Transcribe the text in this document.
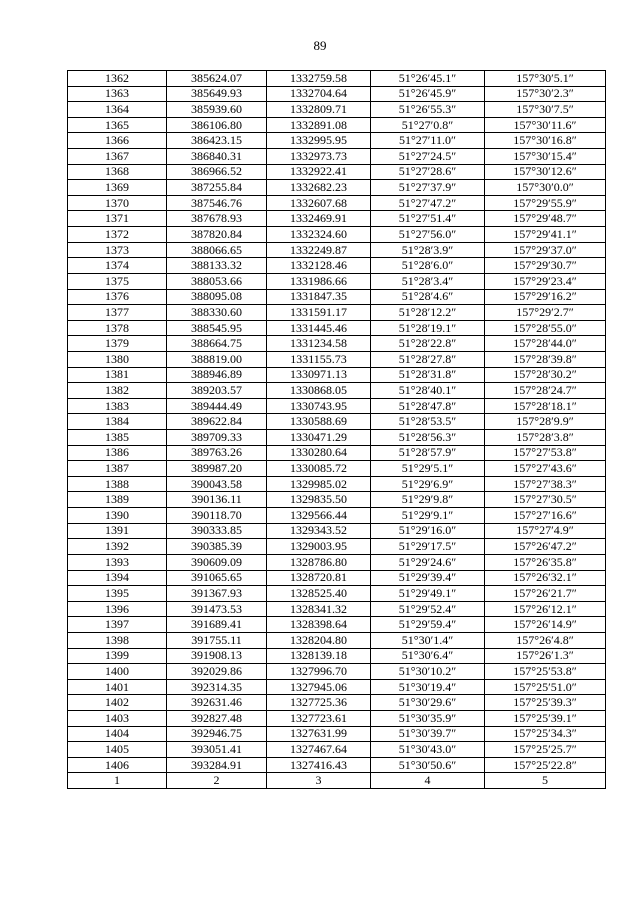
89
1362	385624.07	1332759.58	51°26′45.1″	157°30′5.1″
1363	385649.93	1332704.64	51°26′45.9″	157°30′2.3″
1364	385939.60	1332809.71	51°26′55.3″	157°30′7.5″
1365	386106.80	1332891.08	51°27′0.8″	157°30′11.6″
1366	386423.15	1332995.95	51°27′11.0″	157°30′16.8″
1367	386840.31	1332973.73	51°27′24.5″	157°30′15.4″
1368	386966.52	1332922.41	51°27′28.6″	157°30′12.6″
1369	387255.84	1332682.23	51°27′37.9″	157°30′0.0″
1370	387546.76	1332607.68	51°27′47.2″	157°29′55.9″
1371	387678.93	1332469.91	51°27′51.4″	157°29′48.7″
1372	387820.84	1332324.60	51°27′56.0″	157°29′41.1″
1373	388066.65	1332249.87	51°28′3.9″	157°29′37.0″
1374	388133.32	1332128.46	51°28′6.0″	157°29′30.7″
1375	388053.66	1331986.66	51°28′3.4″	157°29′23.4″
1376	388095.08	1331847.35	51°28′4.6″	157°29′16.2″
1377	388330.60	1331591.17	51°28′12.2″	157°29′2.7″
1378	388545.95	1331445.46	51°28′19.1″	157°28′55.0″
1379	388664.75	1331234.58	51°28′22.8″	157°28′44.0″
1380	388819.00	1331155.73	51°28′27.8″	157°28′39.8″
1381	388946.89	1330971.13	51°28′31.8″	157°28′30.2″
1382	389203.57	1330868.05	51°28′40.1″	157°28′24.7″
1383	389444.49	1330743.95	51°28′47.8″	157°28′18.1″
1384	389622.84	1330588.69	51°28′53.5″	157°28′9.9″
1385	389709.33	1330471.29	51°28′56.3″	157°28′3.8″
1386	389763.26	1330280.64	51°28′57.9″	157°27′53.8″
1387	389987.20	1330085.72	51°29′5.1″	157°27′43.6″
1388	390043.58	1329985.02	51°29′6.9″	157°27′38.3″
1389	390136.11	1329835.50	51°29′9.8″	157°27′30.5″
1390	390118.70	1329566.44	51°29′9.1″	157°27′16.6″
1391	390333.85	1329343.52	51°29′16.0″	157°27′4.9″
1392	390385.39	1329003.95	51°29′17.5″	157°26′47.2″
1393	390609.09	1328786.80	51°29′24.6″	157°26′35.8″
1394	391065.65	1328720.81	51°29′39.4″	157°26′32.1″
1395	391367.93	1328525.40	51°29′49.1″	157°26′21.7″
1396	391473.53	1328341.32	51°29′52.4″	157°26′12.1″
1397	391689.41	1328398.64	51°29′59.4″	157°26′14.9″
1398	391755.11	1328204.80	51°30′1.4″	157°26′4.8″
1399	391908.13	1328139.18	51°30′6.4″	157°26′1.3″
1400	392029.86	1327996.70	51°30′10.2″	157°25′53.8″
1401	392314.35	1327945.06	51°30′19.4″	157°25′51.0″
1402	392631.46	1327725.36	51°30′29.6″	157°25′39.3″
1403	392827.48	1327723.61	51°30′35.9″	157°25′39.1″
1404	392946.75	1327631.99	51°30′39.7″	157°25′34.3″
1405	393051.41	1327467.64	51°30′43.0″	157°25′25.7″
1406	393284.91	1327416.43	51°30′50.6″	157°25′22.8″
1	2	3	4	5
